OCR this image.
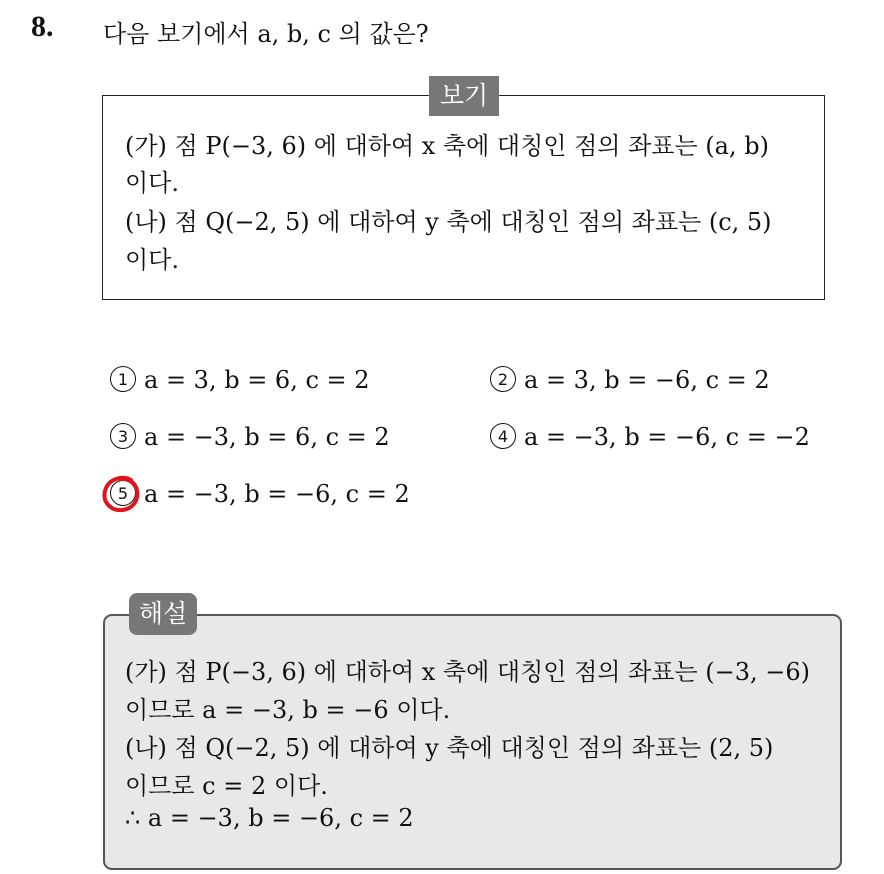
8. 다음 보기에서 a, b, c 의 값은?
보기
(가) 점 P(−3, 6) 에 대하여 x 축에 대칭인 점의 좌표는 (a, b)
이다.
(나) 점 Q(−2, 5) 에 대하여 y 축에 대칭인 점의 좌표는 (c, 5)
이다.
1 a = 3, b = 6, c = 2	2 a = 3, b = −6, c = 2
3 a = −3, b = 6, c = 2	4 a = −3, b = −6, c = −2
5 a = −3, b = −6, c = 2
해설
(가) 점 P(−3, 6) 에 대하여 x 축에 대칭인 점의 좌표는 (−3, −6)
이므로 a = −3, b = −6 이다.
(나) 점 Q(−2, 5) 에 대하여 y 축에 대칭인 점의 좌표는 (2, 5)
이므로 c = 2 이다.
∴ a = −3, b = −6, c = 2
